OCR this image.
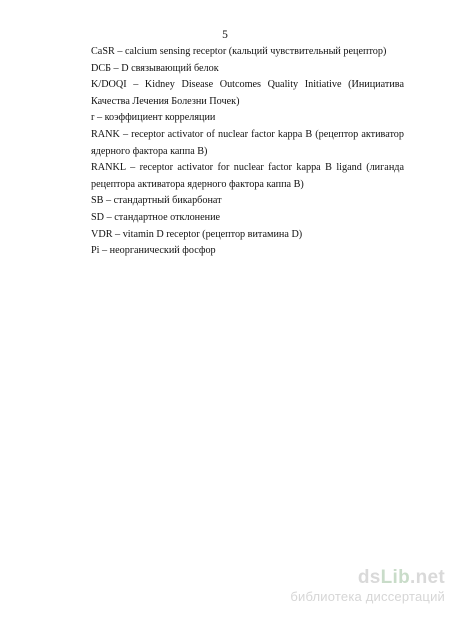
5
CaSR – calcium sensing receptor (кальций чувствительный рецептор)
DCБ – D связывающий белок
K/DOQI – Kidney Disease Outcomes Quality Initiative (Инициатива Качества Лечения Болезни Почек)
r – коэффициент корреляции
RANK – receptor activator of nuclear factor kappa B (рецептор активатор ядерного фактора каппа B)
RANKL – receptor activator for nuclear factor kappa B ligand (лиганда рецептора активатора ядерного фактора каппа B)
SB – стандартный бикарбонат
SD – стандартное отклонение
VDR – vitamin D receptor (рецептор витамина D)
Pi – неорганический фосфор
dsLib.net
библиотека диссертаций
